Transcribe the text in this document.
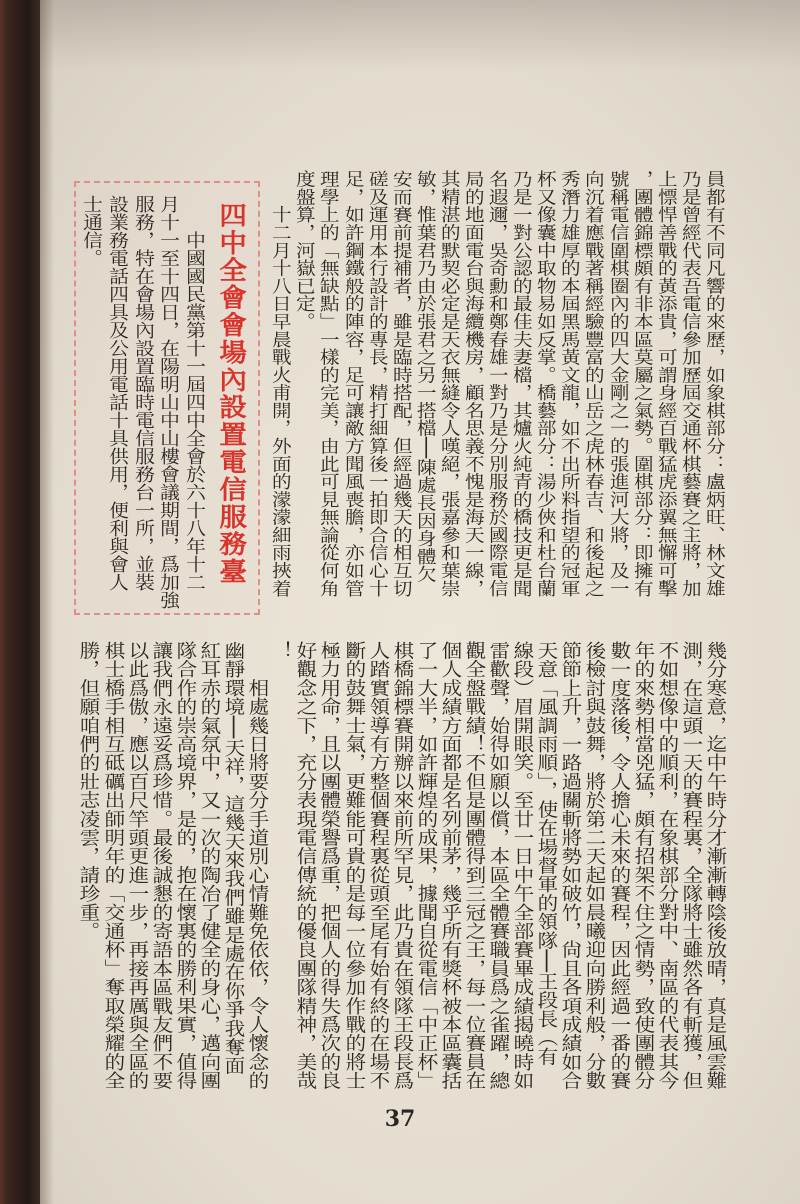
員都有不同凡響的來歷，如象棋部分：盧炳旺、林文雄
乃是曾經代表吾電信參加歷屆交通杯棋藝賽之主將，加
上慓悍善戰的黃添貴，可謂身經百戰猛虎添翼無懈可擊
，團體錦標頗有非本區莫屬之氣勢。圍棋部分：即擁有
號稱電信圍棋圈內的四大金剛之一的張進河大將，及一
向沉着應戰著稱經驗豐富的山岳之虎林春吉、和後起之
秀潛力雄厚的本屆黑馬黃文龍，如不出所料指望的冠軍
杯又像囊中取物易如反掌。橋藝部分：湯少俠和杜台蘭
乃是一對公認的最佳夫妻檔，其爐火純青的橋技更是聞
名遐邇，吳奇勳和鄭春雄一對乃是分別服務於國際電信
局的地面電台與海纜機房，顧名思義不愧是海天一線，
其精湛的默契必定是天衣無縫令人嘆絕，張嘉參和葉崇
敏，惟葉君乃由於張君之另一搭檔──陳處長因身體欠
安而賽前提補者，雖是臨時搭配，但經過幾天的相互切
磋及運用本行設計的專長，精打細算後一拍即合信心十
足，如許鋼鐵般的陣容，足可讓敵方聞風喪膽，亦如管
理學上的「無缺點」一樣的完美，由此可見無論從何角
度盤算，河嶽已定。
　　十二月十八日早晨戰火甫開，外面的濛濛細雨挾着
四中全會會場內設置電信服務臺
　　中國國民黨第十一屆四中全會於六十八年十二
月十一至十四日，在陽明山中山樓會議期間，爲加強
服務，特在會場內設置臨時電信服務台一所，並裝
設業務電話四具及公用電話十具供用，便利與會人
士通信。
幾分寒意，迄中午時分才漸漸轉陰後放晴，真是風雲難
測，在這頭一天的賽程裏，全隊將士雖然各有斬獲，但
不如想像中的順利，在象棋部分對中、南區的代表其今
年的來勢相當兇猛，頗有招架不住之情勢，致使團體分
數一度落後，令人擔心未來的賽程，因此經過一番的賽
後檢討與鼓舞，將於第二天起如晨曦迎向勝利般，分數
節節上升，一路過關斬將勢如破竹，尙且各項成績如合
天意「風調雨順」，使在場督軍的領隊──王段長（有
線段）眉開眼笑。至廿一日中午全部賽畢成績揭曉時如
雷歡聲，始得如願以償，本區全體賽職員爲之雀躍，總
觀全盤戰績！不但是團體得到三冠之王，每一位賽員在
個人成績方面都是名列前茅，幾乎所有獎杯被本區囊括
了一大半，如許輝煌的成果，據聞自從電信「中正杯」
棋橋錦標賽開辦以來前所罕見，此乃貴在領隊王段長爲
人踏實領導有方整個賽程裏從頭至尾有始有終的在場不
斷的鼓舞士氣，更難能可貴的是每一位參加作戰的將士
極力用命，且以團體榮譽爲重，把個人的得失爲次的良
好觀念之下，充分表現電信傳統的優良團隊精神，美哉
！
　　相處幾日將要分手道別心情難免依依，令人懷念的
幽靜環境──天祥，這幾天來我們雖是處在你爭我奪面
紅耳赤的氣氛中，又一次的陶冶了健全的身心，邁向團
隊合作的崇高境界，是的，抱在懷裏的勝利果實，值得
讓我們永遠妥爲珍惜。最後誠懇的寄語本區戰友們不要
以此爲傲，應以百尺竿頭更進一步，再接再厲與全區的
棋士橋手相互砥礪出師明年的「交通杯」奪取榮耀的全
勝，但願咱們的壯志凌雲，請珍重。
37
